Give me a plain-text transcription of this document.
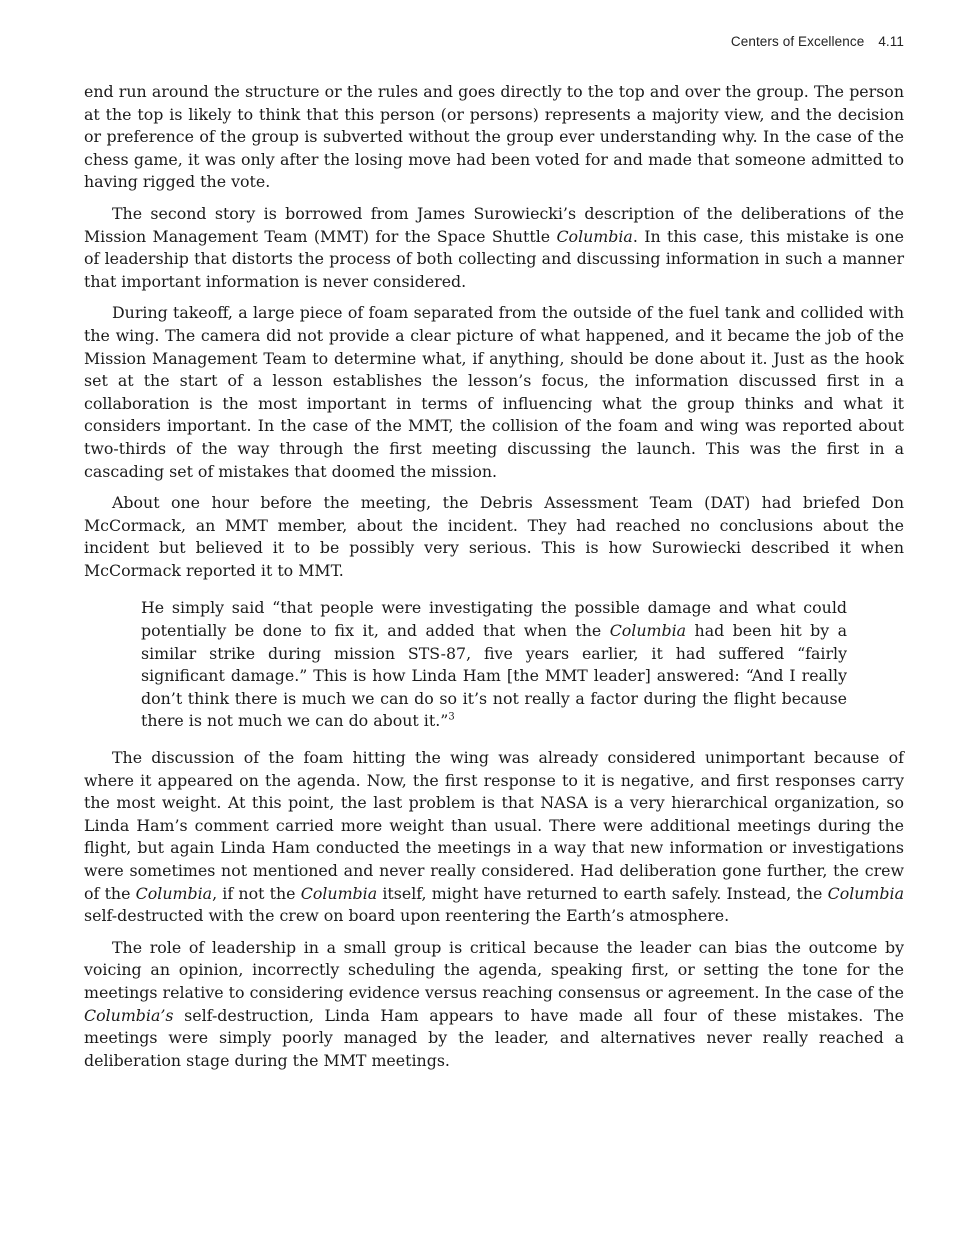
Centers of Excellence 4.11

end run around the structure or the rules and goes directly to the top and over the group. The person at the top is likely to think that this person (or persons) represents a majority view, and the decision or preference of the group is subverted without the group ever understanding why. In the case of the chess game, it was only after the losing move had been voted for and made that someone admitted to having rigged the vote.

The second story is borrowed from James Surowiecki’s description of the deliberations of the Mission Management Team (MMT) for the Space Shuttle Columbia. In this case, this mistake is one of leadership that distorts the process of both collecting and discussing information in such a manner that important information is never considered.

During takeoff, a large piece of foam separated from the outside of the fuel tank and collided with the wing. The camera did not provide a clear picture of what happened, and it became the job of the Mission Management Team to determine what, if anything, should be done about it. Just as the hook set at the start of a lesson establishes the lesson’s focus, the information discussed first in a collaboration is the most important in terms of influencing what the group thinks and what it considers important. In the case of the MMT, the collision of the foam and wing was reported about two-thirds of the way through the first meeting discussing the launch. This was the first in a cascading set of mistakes that doomed the mission.

About one hour before the meeting, the Debris Assessment Team (DAT) had briefed Don McCormack, an MMT member, about the incident. They had reached no conclusions about the incident but believed it to be possibly very serious. This is how Surowiecki described it when McCormack reported it to MMT.

He simply said “that people were investigating the possible damage and what could potentially be done to fix it, and added that when the Columbia had been hit by a similar strike during mission STS-87, five years earlier, it had suffered “fairly significant damage.” This is how Linda Ham [the MMT leader] answered: “And I really don’t think there is much we can do so it’s not really a factor during the flight because there is not much we can do about it.”$^3$

The discussion of the foam hitting the wing was already considered unimportant because of where it appeared on the agenda. Now, the first response to it is negative, and first responses carry the most weight. At this point, the last problem is that NASA is a very hierarchical organization, so Linda Ham’s comment carried more weight than usual. There were additional meetings during the flight, but again Linda Ham conducted the meetings in a way that new information or investigations were sometimes not mentioned and never really considered. Had deliberation gone further, the crew of the Columbia, if not the Columbia itself, might have returned to earth safely. Instead, the Columbia self-destructed with the crew on board upon reentering the Earth’s atmosphere.

The role of leadership in a small group is critical because the leader can bias the outcome by voicing an opinion, incorrectly scheduling the agenda, speaking first, or setting the tone for the meetings relative to considering evidence versus reaching consensus or agreement. In the case of the Columbia’s self-destruction, Linda Ham appears to have made all four of these mistakes. The meetings were simply poorly managed by the leader, and alternatives never really reached a deliberation stage during the MMT meetings.
